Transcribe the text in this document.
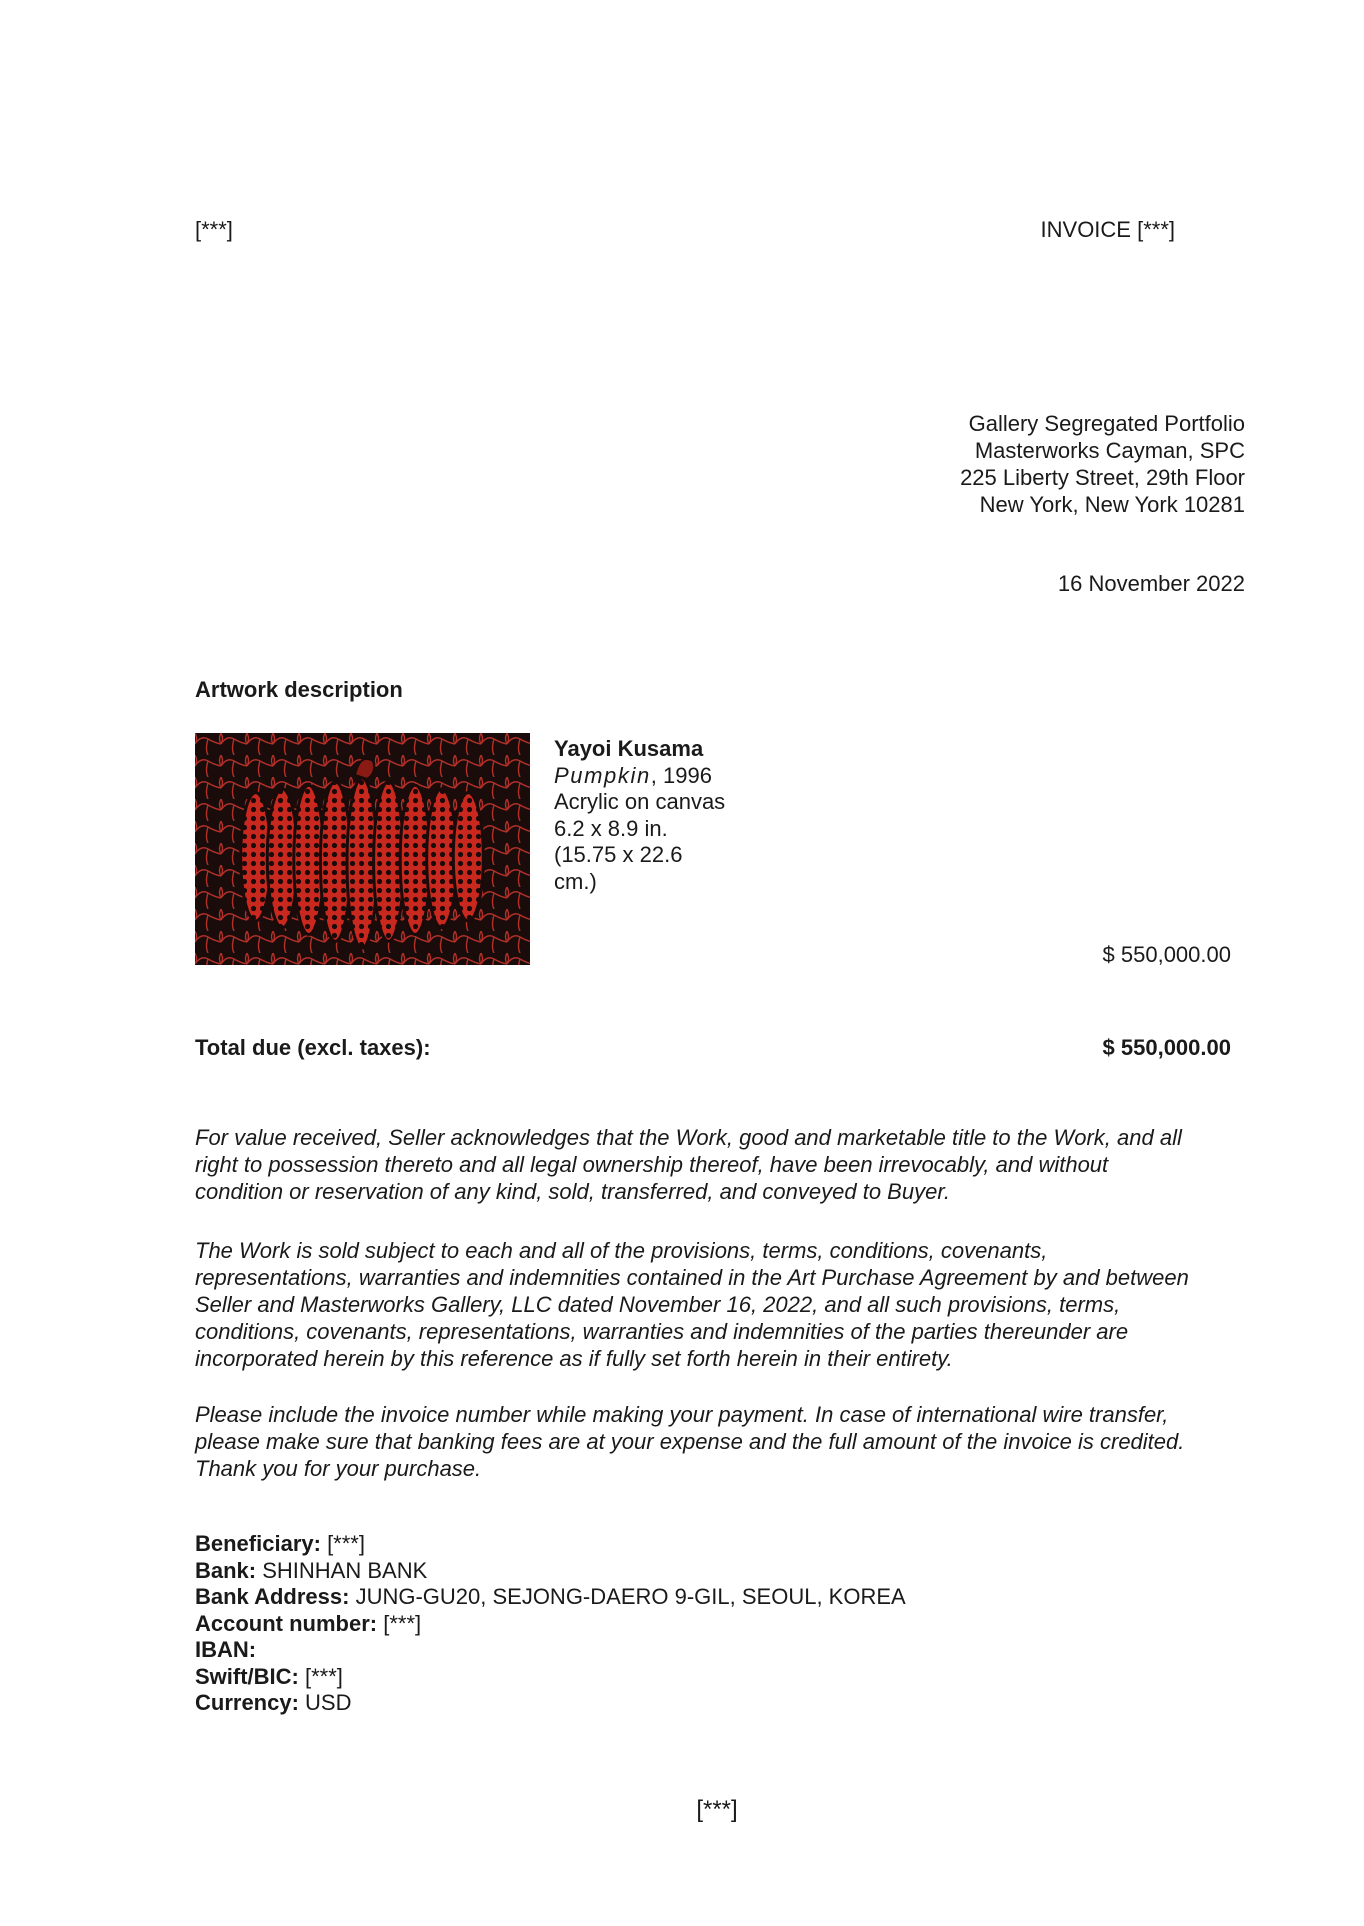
[***]	INVOICE [***]
Gallery Segregated Portfolio
Masterworks Cayman, SPC
225 Liberty Street, 29th Floor
New York, New York 10281
16 November 2022
Artwork description
Yayoi Kusama
Pumpkin, 1996
Acrylic on canvas
6.2 x 8.9 in.
(15.75 x 22.6
cm.)
$ 550,000.00
Total due (excl. taxes):	$ 550,000.00
For value received, Seller acknowledges that the Work, good and marketable title to the Work, and all
right to possession thereto and all legal ownership thereof, have been irrevocably, and without
condition or reservation of any kind, sold, transferred, and conveyed to Buyer.
The Work is sold subject to each and all of the provisions, terms, conditions, covenants,
representations, warranties and indemnities contained in the Art Purchase Agreement by and between
Seller and Masterworks Gallery, LLC dated November 16, 2022, and all such provisions, terms,
conditions, covenants, representations, warranties and indemnities of the parties thereunder are
incorporated herein by this reference as if fully set forth herein in their entirety.
Please include the invoice number while making your payment. In case of international wire transfer,
please make sure that banking fees are at your expense and the full amount of the invoice is credited.
Thank you for your purchase.
Beneficiary: [***]
Bank: SHINHAN BANK
Bank Address: JUNG-GU20, SEJONG-DAERO 9-GIL, SEOUL, KOREA
Account number: [***]
IBAN:
Swift/BIC: [***]
Currency: USD
[***]
